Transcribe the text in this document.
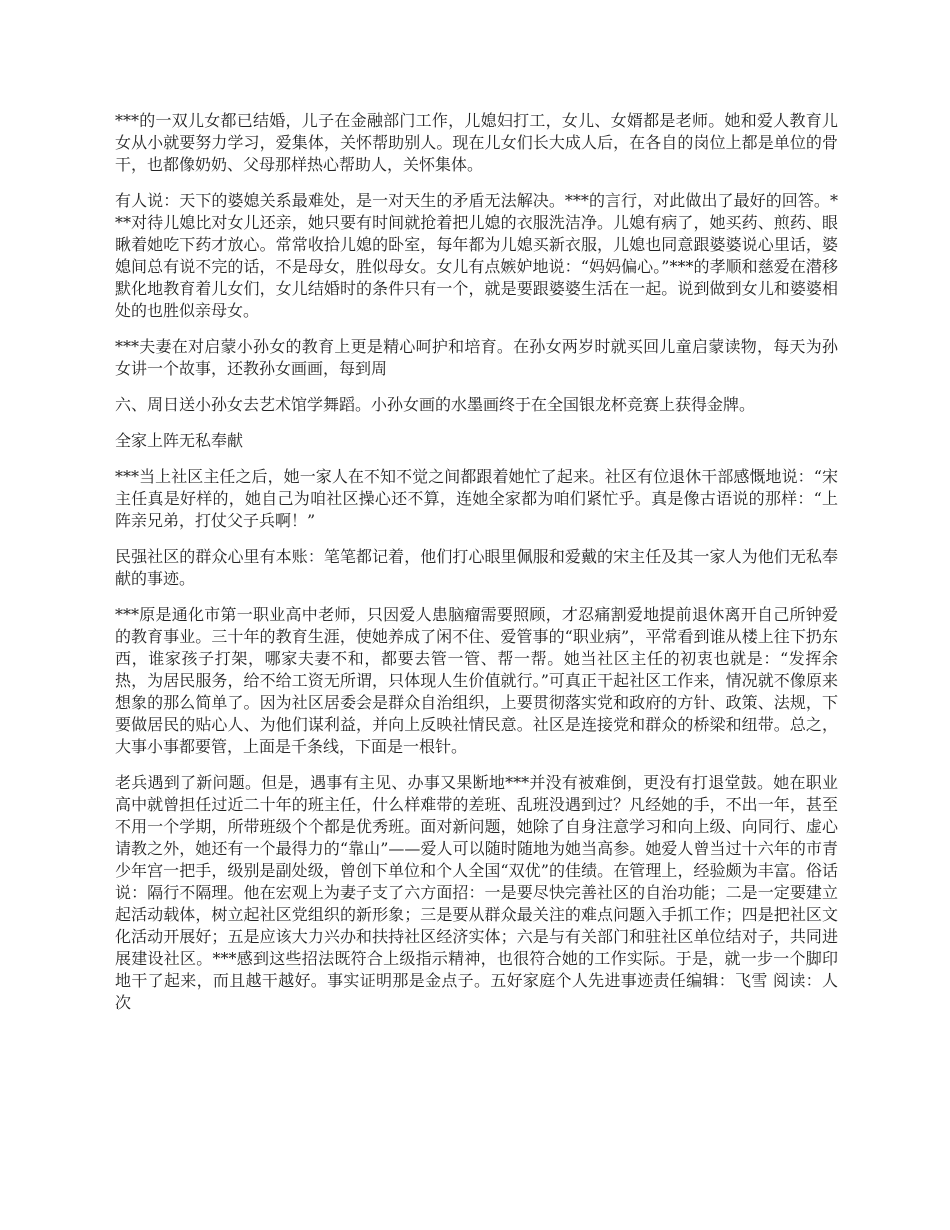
***的一双儿女都已结婚，儿子在金融部门工作，儿媳妇打工，女儿、女婿都是老师。她和爱人教育儿女从小就要努力学习，爱集体，关怀帮助别人。现在儿女们长大成人后，在各自的岗位上都是单位的骨干，也都像奶奶、父母那样热心帮助人，关怀集体。

有人说：天下的婆媳关系最难处，是一对天生的矛盾无法解决。***的言行，对此做出了最好的回答。***对待儿媳比对女儿还亲，她只要有时间就抢着把儿媳的衣服洗洁净。儿媳有病了，她买药、煎药、眼瞅着她吃下药才放心。常常收拾儿媳的卧室，每年都为儿媳买新衣服，儿媳也同意跟婆婆说心里话，婆媳间总有说不完的话，不是母女，胜似母女。女儿有点嫉妒地说：“妈妈偏心。”***的孝顺和慈爱在潜移默化地教育着儿女们，女儿结婚时的条件只有一个，就是要跟婆婆生活在一起。说到做到女儿和婆婆相处的也胜似亲母女。

***夫妻在对启蒙小孙女的教育上更是精心呵护和培育。在孙女两岁时就买回儿童启蒙读物，每天为孙女讲一个故事，还教孙女画画，每到周

六、周日送小孙女去艺术馆学舞蹈。小孙女画的水墨画终于在全国银龙杯竞赛上获得金牌。

全家上阵无私奉献

***当上社区主任之后，她一家人在不知不觉之间都跟着她忙了起来。社区有位退休干部感慨地说：“宋主任真是好样的，她自己为咱社区操心还不算，连她全家都为咱们紧忙乎。真是像古语说的那样：“上阵亲兄弟，打仗父子兵啊！”

民强社区的群众心里有本账：笔笔都记着，他们打心眼里佩服和爱戴的宋主任及其一家人为他们无私奉献的事迹。

***原是通化市第一职业高中老师，只因爱人患脑瘤需要照顾，才忍痛割爱地提前退休离开自己所钟爱的教育事业。三十年的教育生涯，使她养成了闲不住、爱管事的“职业病”，平常看到谁从楼上往下扔东西，谁家孩子打架，哪家夫妻不和，都要去管一管、帮一帮。她当社区主任的初衷也就是：“发挥余热，为居民服务，给不给工资无所谓，只体现人生价值就行。”可真正干起社区工作来，情况就不像原来想象的那么简单了。因为社区居委会是群众自治组织，上要贯彻落实党和政府的方针、政策、法规，下要做居民的贴心人、为他们谋利益，并向上反映社情民意。社区是连接党和群众的桥梁和纽带。总之，大事小事都要管，上面是千条线，下面是一根针。

老兵遇到了新问题。但是，遇事有主见、办事又果断地***并没有被难倒，更没有打退堂鼓。她在职业高中就曾担任过近二十年的班主任，什么样难带的差班、乱班没遇到过？凡经她的手，不出一年，甚至不用一个学期，所带班级个个都是优秀班。面对新问题，她除了自身注意学习和向上级、向同行、虚心请教之外，她还有一个最得力的“靠山”——爱人可以随时随地为她当高参。她爱人曾当过十六年的市青少年宫一把手，级别是副处级，曾创下单位和个人全国“双优”的佳绩。在管理上，经验颇为丰富。俗话说：隔行不隔理。他在宏观上为妻子支了六方面招：一是要尽快完善社区的自治功能；二是一定要建立起活动载体，树立起社区党组织的新形象；三是要从群众最关注的难点问题入手抓工作；四是把社区文化活动开展好；五是应该大力兴办和扶持社区经济实体；六是与有关部门和驻社区单位结对子，共同进展建设社区。***感到这些招法既符合上级指示精神，也很符合她的工作实际。于是，就一步一个脚印地干了起来，而且越干越好。事实证明那是金点子。五好家庭个人先进事迹责任编辑：飞雪 阅读：人次
